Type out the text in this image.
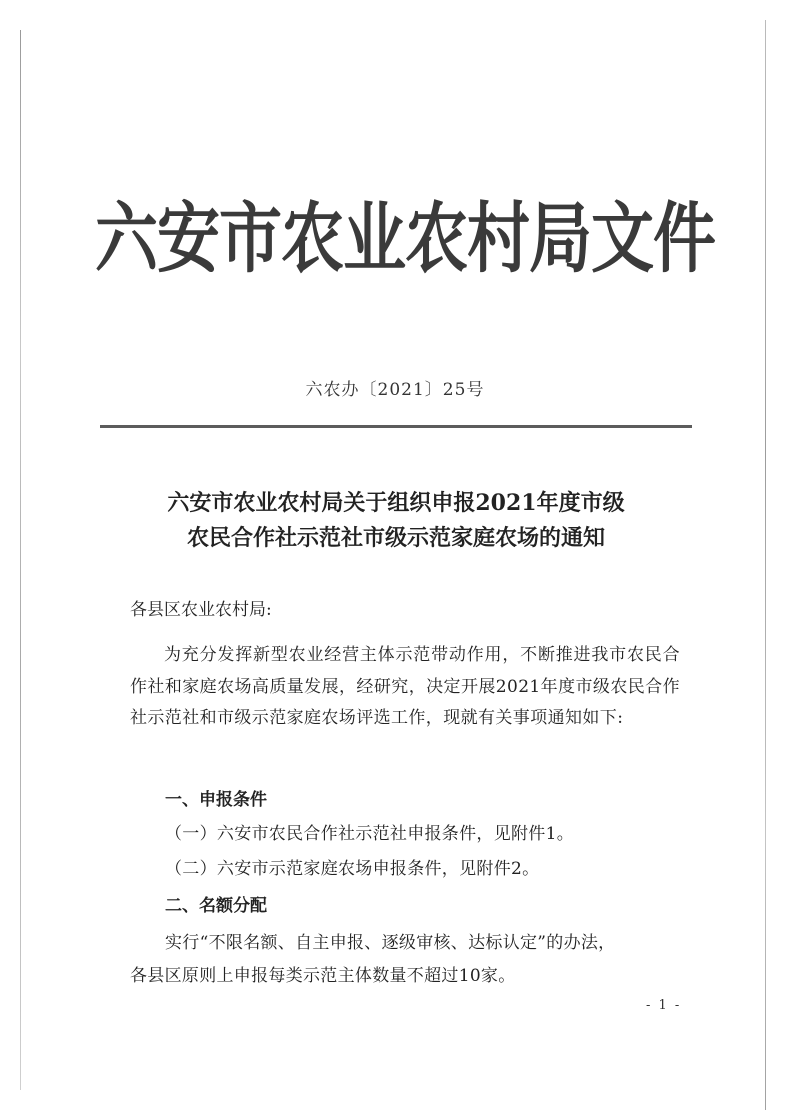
六安市农业农村局文件
六农办〔2021〕25号
六安市农业农村局关于组织申报2021年度市级
农民合作社示范社市级示范家庭农场的通知
各县区农业农村局:
为充分发挥新型农业经营主体示范带动作用，不断推进我市农民合作社和家庭农场高质量发展，经研究，决定开展2021年度市级农民合作社示范社和市级示范家庭农场评选工作，现就有关事项通知如下:
一、申报条件
（一）六安市农民合作社示范社申报条件，见附件1。
（二）六安市示范家庭农场申报条件，见附件2。
二、名额分配
实行“不限名额、自主申报、逐级审核、达标认定”的办法，
各县区原则上申报每类示范主体数量不超过10家。
- 1 -
